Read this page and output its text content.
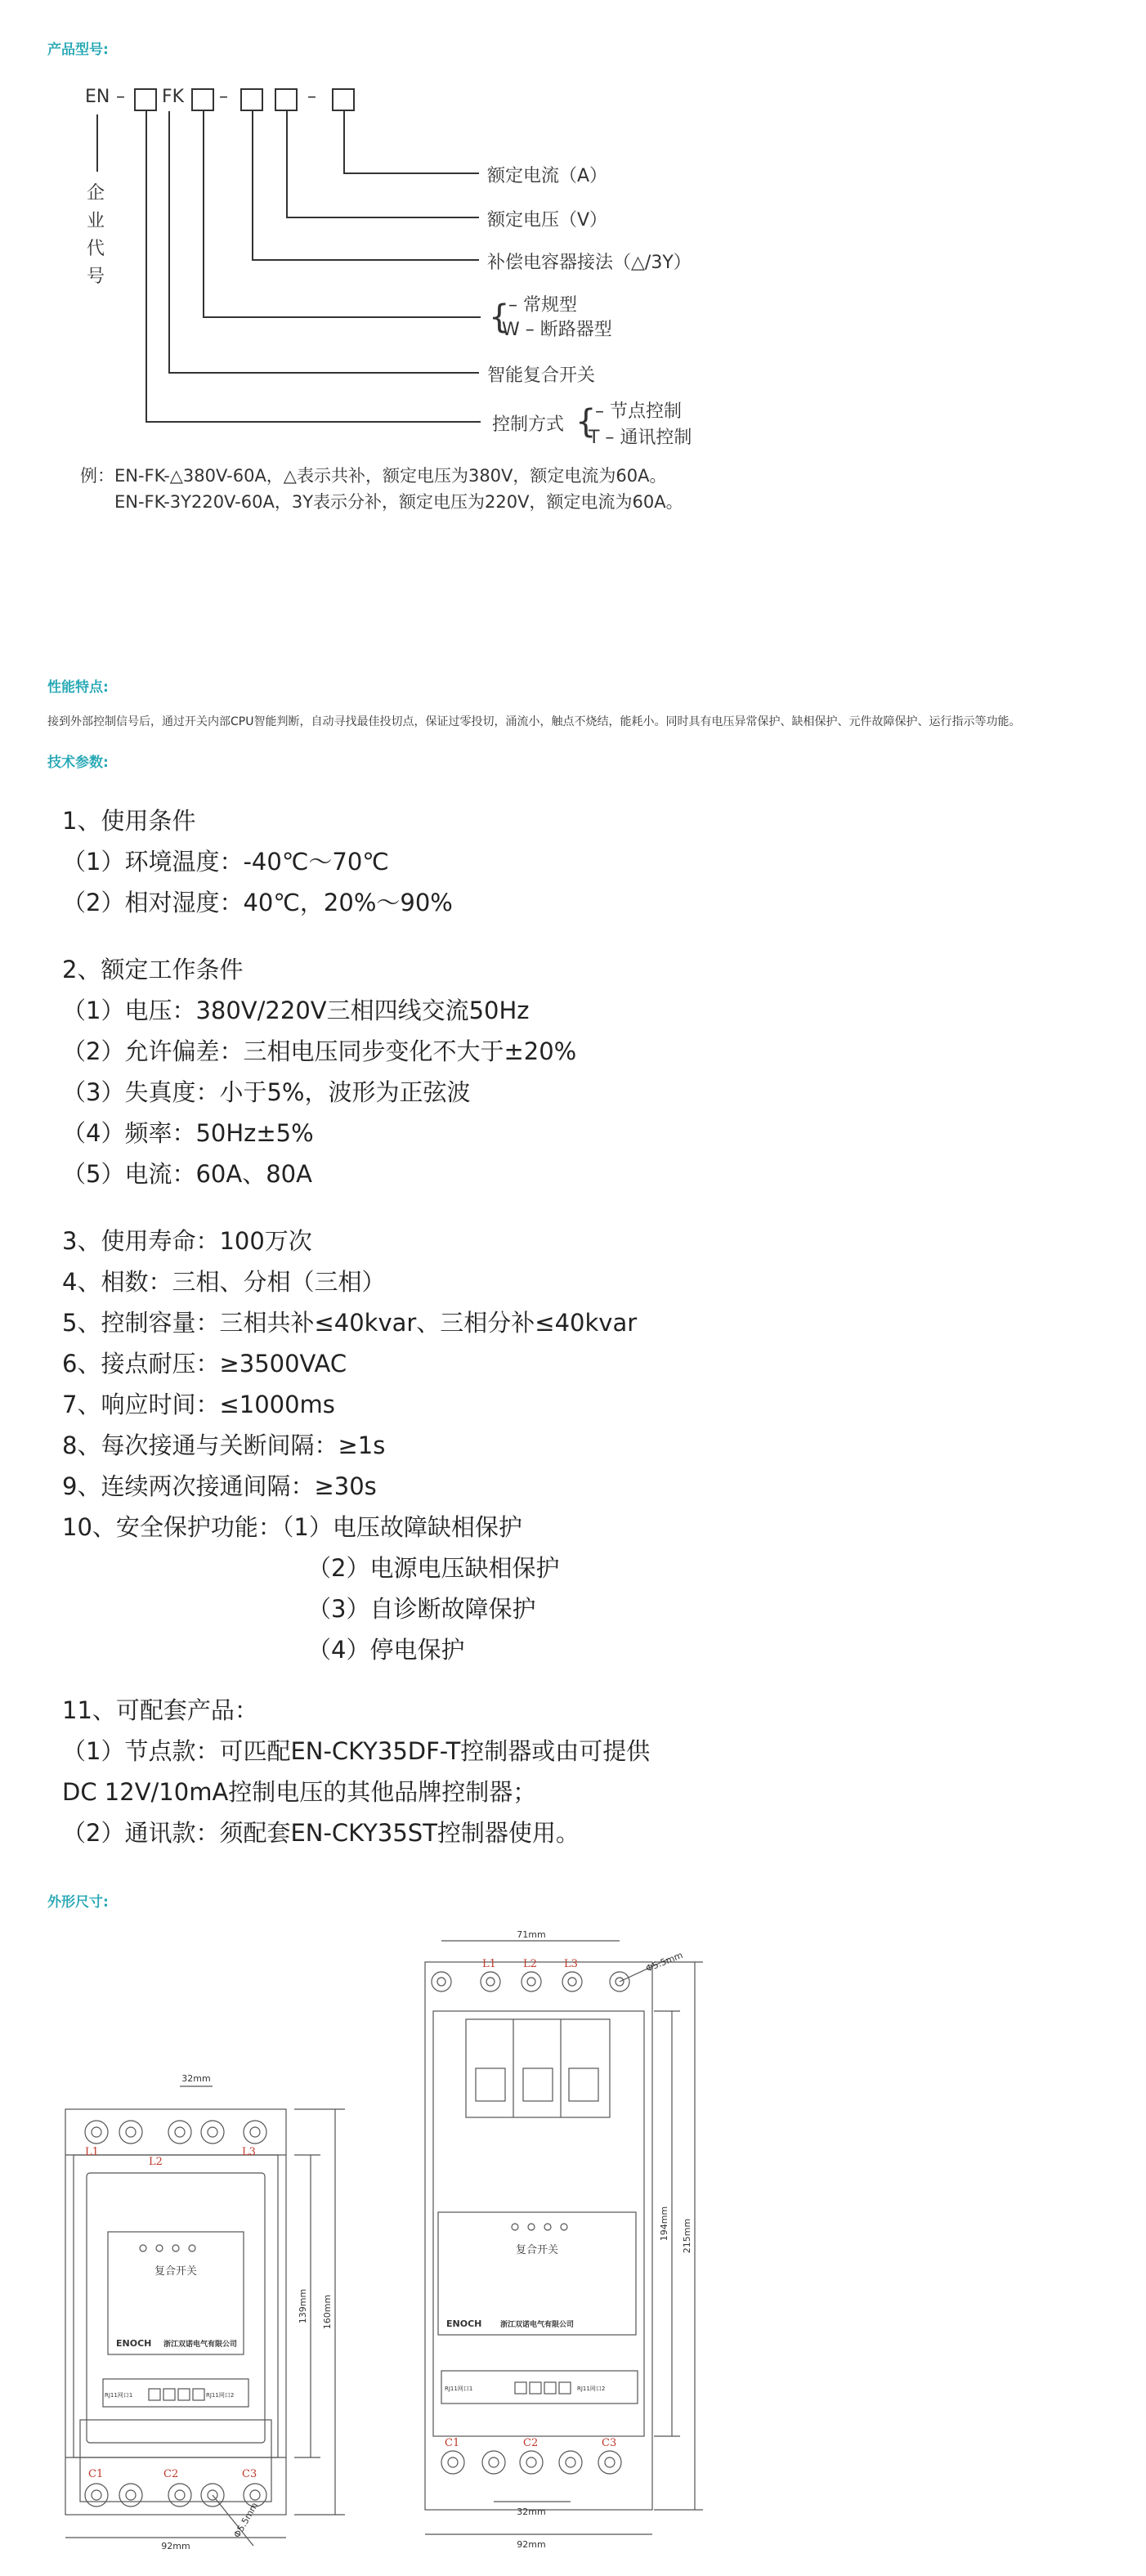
产品型号:
EN – FK –	–
企
业
代
号
额定电流（A）
额定电压（V）
补偿电容器接法（△/3Y）
{
– 常规型
W – 断路器型
智能复合开关
控制方式 {
– 节点控制
T – 通讯控制
例：EN-FK-△380V-60A，△表示共补，额定电压为380V，额定电流为60A。
EN-FK-3Y220V-60A，3Y表示分补，额定电压为220V，额定电流为60A。
性能特点:
接到外部控制信号后，通过开关内部CPU智能判断，自动寻找最佳投切点，保证过零投切，涌流小，触点不烧结，能耗小。同时具有电压异常保护、缺相保护、元件故障保护、运行指示等功能。
技术参数:
1、使用条件
（1）环境温度：-40℃～70℃
（2）相对湿度：40℃，20%～90%
2、额定工作条件
（1）电压：380V/220V三相四线交流50Hz
（2）允许偏差：三相电压同步变化不大于±20%
（3）失真度：小于5%，波形为正弦波
（4）频率：50Hz±5%
（5）电流：60A、80A
3、使用寿命：100万次
4、相数：三相、分相（三相）
5、控制容量：三相共补≤40kvar、三相分补≤40kvar
6、接点耐压：≥3500VAC
7、响应时间：≤1000ms
8、每次接通与关断间隔：≥1s
9、连续两次接通间隔：≥30s
10、安全保护功能：（1）电压故障缺相保护
（2）电源电压缺相保护
（3）自诊断故障保护
（4）停电保护
11、可配套产品：
（1）节点款：可匹配EN-CKY35DF-T控制器或由可提供
DC 12V/10mA控制电压的其他品牌控制器；
（2）通讯款：须配套EN-CKY35ST控制器使用。
外形尺寸:
32mm
92mm
139mm 160mm
Φ5.5mm
L1
L2
L3
C1	C2	C3
复合开关
ENOCH 浙江双诺电气有限公司
RJ11网口1	RJ11网口2
71mm
92mm
32mm
194mm 215mm
Φ5.5mm
L1	L2	L3
C1	C2	C3
复合开关
ENOCH	浙江双诺电气有限公司
RJ11网口1	RJ11网口2
